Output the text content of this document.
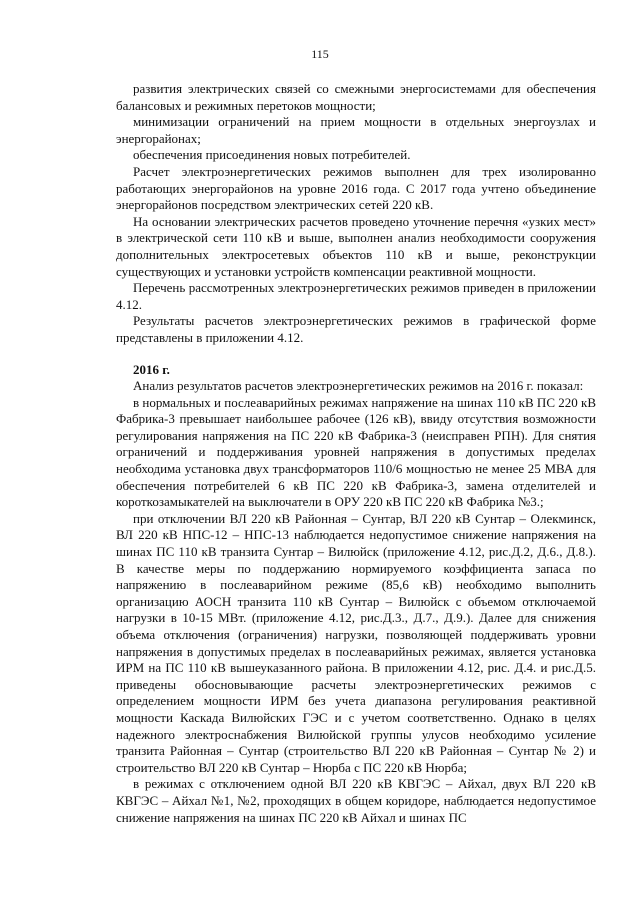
115

развития электрических связей со смежными энергосистемами для обеспечения балансовых и режимных перетоков мощности;

минимизации ограничений на прием мощности в отдельных энергоузлах и энергорайонах;

обеспечения присоединения новых потребителей.

Расчет электроэнергетических режимов выполнен для трех изолированно работающих энергорайонов на уровне 2016 года. С 2017 года учтено объединение энергорайонов посредством электрических сетей 220 кВ.

На основании электрических расчетов проведено уточнение перечня «узких мест» в электрической сети 110 кВ и выше, выполнен анализ необходимости сооружения дополнительных электросетевых объектов 110 кВ и выше, реконструкции существующих и установки устройств компенсации реактивной мощности.

Перечень рассмотренных электроэнергетических режимов приведен в приложении 4.12.

Результаты расчетов электроэнергетических режимов в графической форме представлены в приложении 4.12.

2016 г.

Анализ результатов расчетов электроэнергетических режимов на 2016 г. показал:

в нормальных и послеаварийных режимах напряжение на шинах 110 кВ ПС 220 кВ Фабрика-3 превышает наибольшее рабочее (126 кВ), ввиду отсутствия возможности регулирования напряжения на ПС 220 кВ Фабрика-3 (неисправен РПН). Для снятия ограничений и поддерживания уровней напряжения в допустимых пределах необходима установка двух трансформаторов 110/6 мощностью не менее 25 МВА для обеспечения потребителей 6 кВ ПС 220 кВ Фабрика-3, замена отделителей и короткозамыкателей на выключатели в ОРУ 220 кВ ПС 220 кВ Фабрика №3.;

при отключении ВЛ 220 кВ Районная – Сунтар, ВЛ 220 кВ Сунтар – Олекминск, ВЛ 220 кВ НПС-12 – НПС-13 наблюдается недопустимое снижение напряжения на шинах ПС 110 кВ транзита Сунтар – Вилюйск (приложение 4.12, рис.Д.2, Д.6., Д.8.). В качестве меры по поддержанию нормируемого коэффициента запаса по напряжению в послеаварийном режиме (85,6 кВ) необходимо выполнить организацию АОСН транзита 110 кВ Сунтар – Вилюйск с объемом отключаемой нагрузки в 10-15 МВт. (приложение 4.12, рис.Д.3., Д.7., Д.9.). Далее для снижения объема отключения (ограничения) нагрузки, позволяющей поддерживать уровни напряжения в допустимых пределах в послеаварийных режимах, является установка ИРМ на ПС 110 кВ вышеуказанного района. В приложении 4.12, рис. Д.4. и рис.Д.5. приведены обосновывающие расчеты электроэнергетических режимов с определением мощности ИРМ без учета диапазона регулирования реактивной мощности Каскада Вилюйских ГЭС и с учетом соответственно. Однако в целях надежного электроснабжения Вилюйской группы улусов необходимо усиление транзита Районная – Сунтар (строительство ВЛ 220 кВ Районная – Сунтар № 2) и строительство ВЛ 220 кВ Сунтар – Нюрба с ПС 220 кВ Нюрба;

в режимах с отключением одной ВЛ 220 кВ КВГЭС – Айхал, двух ВЛ 220 кВ КВГЭС – Айхал №1, №2, проходящих в общем коридоре, наблюдается недопустимое снижение напряжения на шинах ПС 220 кВ Айхал и шинах ПС
